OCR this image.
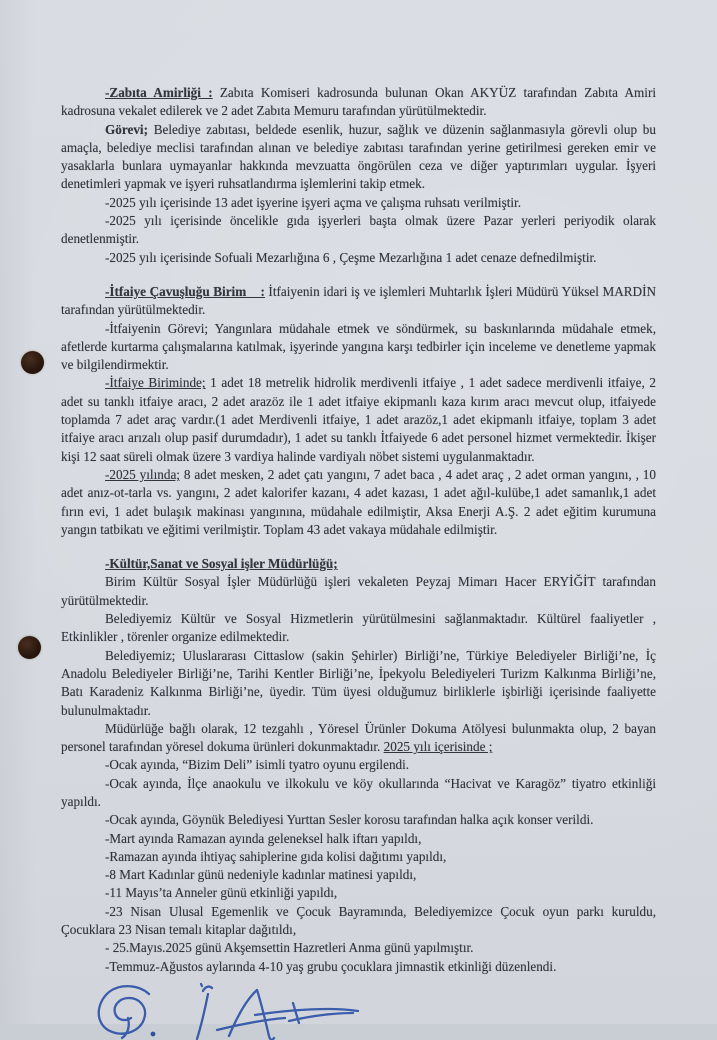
-Zabıta Amirliği : Zabıta Komiseri kadrosunda bulunan Okan AKYÜZ tarafından Zabıta Amiri kadrosuna vekalet edilerek ve 2 adet Zabıta Memuru tarafından yürütülmektedir.

Görevi; Belediye zabıtası, beldede esenlik, huzur, sağlık ve düzenin sağlanmasıyla görevli olup bu amaçla, belediye meclisi tarafından alınan ve belediye zabıtası tarafından yerine getirilmesi gereken emir ve yasaklarla bunlara uymayanlar hakkında mevzuatta öngörülen ceza ve diğer yaptırımları uygular. İşyeri denetimleri yapmak ve işyeri ruhsatlandırma işlemlerini takip etmek.

-2025 yılı içerisinde 13 adet işyerine işyeri açma ve çalışma ruhsatı verilmiştir.

-2025 yılı içerisinde öncelikle gıda işyerleri başta olmak üzere Pazar yerleri periyodik olarak denetlenmiştir.

-2025 yılı içerisinde Sofuali Mezarlığına 6 , Çeşme Mezarlığına 1 adet cenaze defnedilmiştir.

-İtfaiye Çavuşluğu Birim    : İtfaiyenin idari iş ve işlemleri Muhtarlık İşleri Müdürü Yüksel MARDİN tarafından yürütülmektedir.

-İtfaiyenin Görevi; Yangınlara müdahale etmek ve söndürmek, su baskınlarında müdahale etmek, afetlerde kurtarma çalışmalarına katılmak, işyerinde yangına karşı tedbirler için inceleme ve denetleme yapmak ve bilgilendirmektir.

-İtfaiye Biriminde; 1 adet 18 metrelik hidrolik merdivenli itfaiye , 1 adet sadece merdivenli itfaiye, 2 adet su tanklı itfaiye aracı, 2 adet arazöz ile 1 adet itfaiye ekipmanlı kaza kırım aracı mevcut olup, itfaiyede toplamda 7 adet araç vardır.(1 adet Merdivenli itfaiye, 1 adet arazöz,1 adet ekipmanlı itfaiye, toplam 3 adet itfaiye aracı arızalı olup pasif durumdadır), 1 adet su tanklı İtfaiyede 6 adet personel hizmet vermektedir. İkişer kişi 12 saat süreli olmak üzere 3 vardiya halinde vardiyalı nöbet sistemi uygulanmaktadır.

-2025 yılında; 8 adet mesken, 2 adet çatı yangını, 7 adet baca , 4 adet araç , 2 adet orman yangını, , 10 adet anız-ot-tarla vs. yangını, 2 adet kalorifer kazanı, 4 adet kazası, 1 adet ağıl-kulübe,1 adet samanlık,1 adet fırın evi, 1 adet bulaşık makinası yangınına, müdahale edilmiştir, Aksa Enerji A.Ş. 2 adet eğitim kurumuna yangın tatbikatı ve eğitimi verilmiştir. Toplam 43 adet vakaya müdahale edilmiştir.

-Kültür,Sanat ve Sosyal işler Müdürlüğü;

Birim Kültür Sosyal İşler Müdürlüğü işleri vekaleten Peyzaj Mimarı Hacer ERYİĞİT tarafından yürütülmektedir.

Belediyemiz Kültür ve Sosyal Hizmetlerin yürütülmesini sağlanmaktadır. Kültürel faaliyetler , Etkinlikler , törenler organize edilmektedir.

Belediyemiz; Uluslararası Cittaslow (sakin Şehirler) Birliği’ne, Türkiye Belediyeler Birliği’ne, İç Anadolu Belediyeler Birliği’ne, Tarihi Kentler Birliği’ne, İpekyolu Belediyeleri Turizm Kalkınma Birliği’ne, Batı Karadeniz Kalkınma Birliği’ne, üyedir. Tüm üyesi olduğumuz birliklerle işbirliği içerisinde faaliyette bulunulmaktadır.

Müdürlüğe bağlı olarak, 12 tezgahlı , Yöresel Ürünler Dokuma Atölyesi bulunmakta olup, 2 bayan personel tarafından yöresel dokuma ürünleri dokunmaktadır. 2025 yılı içerisinde ;

-Ocak ayında, “Bizim Deli” isimli tyatro oyunu ergilendi.

-Ocak ayında, İlçe anaokulu ve ilkokulu ve köy okullarında “Hacivat ve Karagöz” tiyatro etkinliği yapıldı.

-Ocak ayında, Göynük Belediyesi Yurttan Sesler korosu tarafından halka açık konser verildi.

-Mart ayında Ramazan ayında geleneksel halk iftarı yapıldı,

-Ramazan ayında ihtiyaç sahiplerine gıda kolisi dağıtımı yapıldı,

-8 Mart Kadınlar günü nedeniyle kadınlar matinesi yapıldı,

-11 Mayıs’ta Anneler günü etkinliği yapıldı,

-23 Nisan Ulusal Egemenlik ve Çocuk Bayramında, Belediyemizce Çocuk oyun parkı kuruldu, Çocuklara 23 Nisan temalı kitaplar dağıtıldı,

- 25.Mayıs.2025 günü Akşemsettin Hazretleri Anma günü yapılmıştır.

-Temmuz-Ağustos aylarında 4-10 yaş grubu çocuklara jimnastik etkinliği düzenlendi.
